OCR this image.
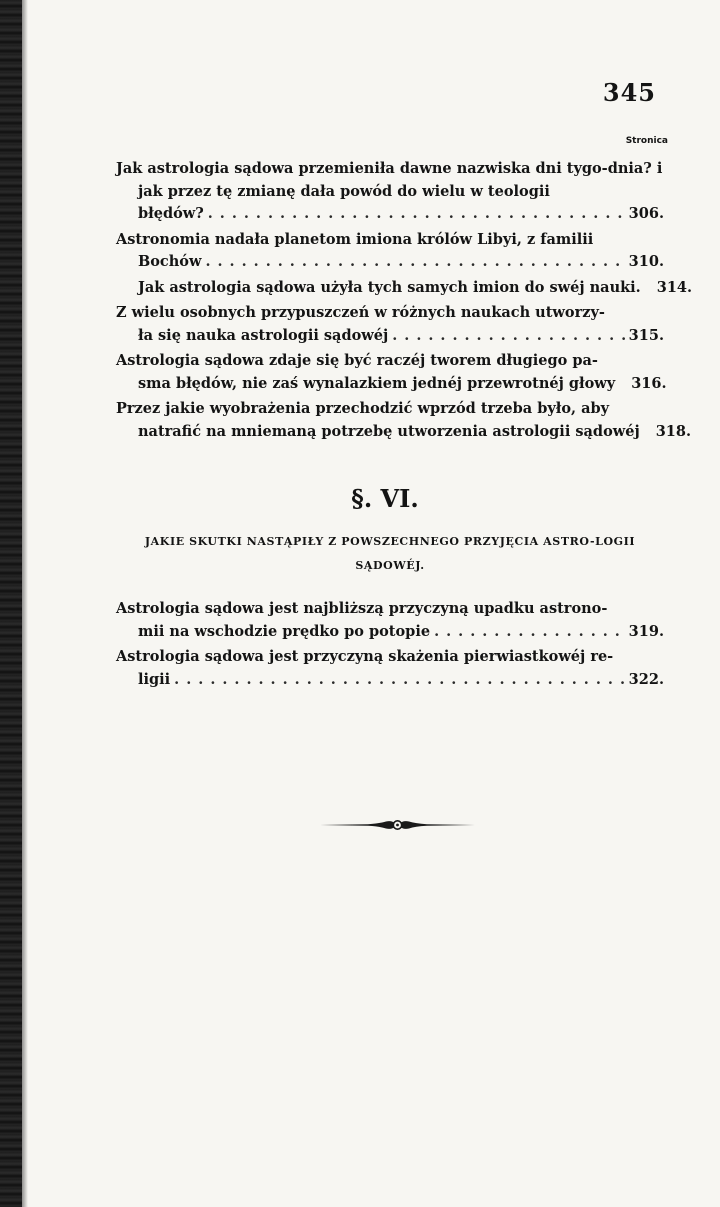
345
Stronica
Jak astrologia sądowa przemieniła dawne nazwiska dni tygo-dnia? i jak przez tę zmianę dała powód do wielu w teologii
błędów? .....	306.
Astronomia nadała planetom imiona królów Libyi, z familii
Bochów .....	310.
Jak astrologia sądowa użyła tych samych imion do swéj nauki. 314.
Z wielu osobnych przypuszczeń w różnych naukach utworzy-
ła się nauka astrologii sądowéj .....	315.
Astrologia sądowa zdaje się być raczéj tworem długiego pa-
sma błędów, nie zaś wynalazkiem jednéj przewrotnéj głowy 316.
Przez jakie wyobrażenia przechodzić wprzód trzeba było, aby
natrafić na mniemaną potrzebę utworzenia astrologii sądowéj 318.
§. VI.
JAKIE SKUTKI NASTĄPIŁY Z POWSZECHNEGO PRZYJĘCIA ASTRO-LOGII SĄDOWÉJ.
Astrologia sądowa jest najbliższą przyczyną upadku astrono-
mii na wschodzie prędko po potopie .....	319.
Astrologia sądowa jest przyczyną skażenia pierwiastkowéj re-
ligii .....	322.
